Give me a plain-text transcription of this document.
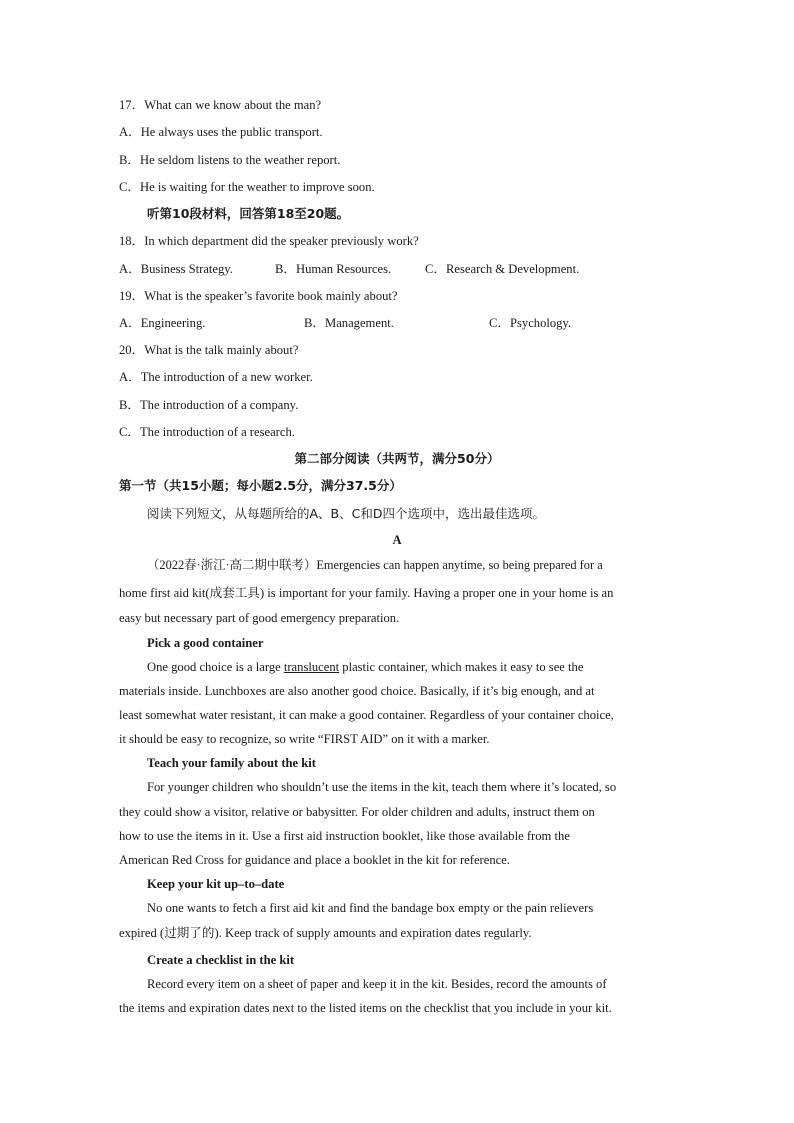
17．What can we know about the man?
A．He always uses the public transport.
B．He seldom listens to the weather report.
C．He is waiting for the weather to improve soon.
听第10段材料，回答第18至20题。
18．In which department did the speaker previously work?
A．Business Strategy.	B．Human Resources.	C．Research & Development.
19．What is the speaker’s favorite book mainly about?
A．Engineering.	B．Management.	C．Psychology.
20．What is the talk mainly about?
A．The introduction of a new worker.
B．The introduction of a company.
C．The introduction of a research.
第二部分阅读（共两节，满分50分）
第一节（共15小题；每小题2.5分，满分37.5分）
阅读下列短文，从每题所给的A、B、C和D四个选项中，选出最佳选项。
A
（2022春·浙江·高二期中联考）Emergencies can happen anytime, so being prepared for a
home first aid kit(成套工具) is important for your family. Having a proper one in your home is an
easy but necessary part of good emergency preparation.
Pick a good container
One good choice is a large translucent plastic container, which makes it easy to see the
materials inside. Lunchboxes are also another good choice. Basically, if it’s big enough, and at
least somewhat water resistant, it can make a good container. Regardless of your container choice,
it should be easy to recognize, so write “FIRST AID” on it with a marker.
Teach your family about the kit
For younger children who shouldn’t use the items in the kit, teach them where it’s located, so
they could show a visitor, relative or babysitter. For older children and adults, instruct them on
how to use the items in it. Use a first aid instruction booklet, like those available from the
American Red Cross for guidance and place a booklet in the kit for reference.
Keep your kit up–to–date
No one wants to fetch a first aid kit and find the bandage box empty or the pain relievers
expired (过期了的). Keep track of supply amounts and expiration dates regularly.
Create a checklist in the kit
Record every item on a sheet of paper and keep it in the kit. Besides, record the amounts of
the items and expiration dates next to the listed items on the checklist that you include in your kit.
